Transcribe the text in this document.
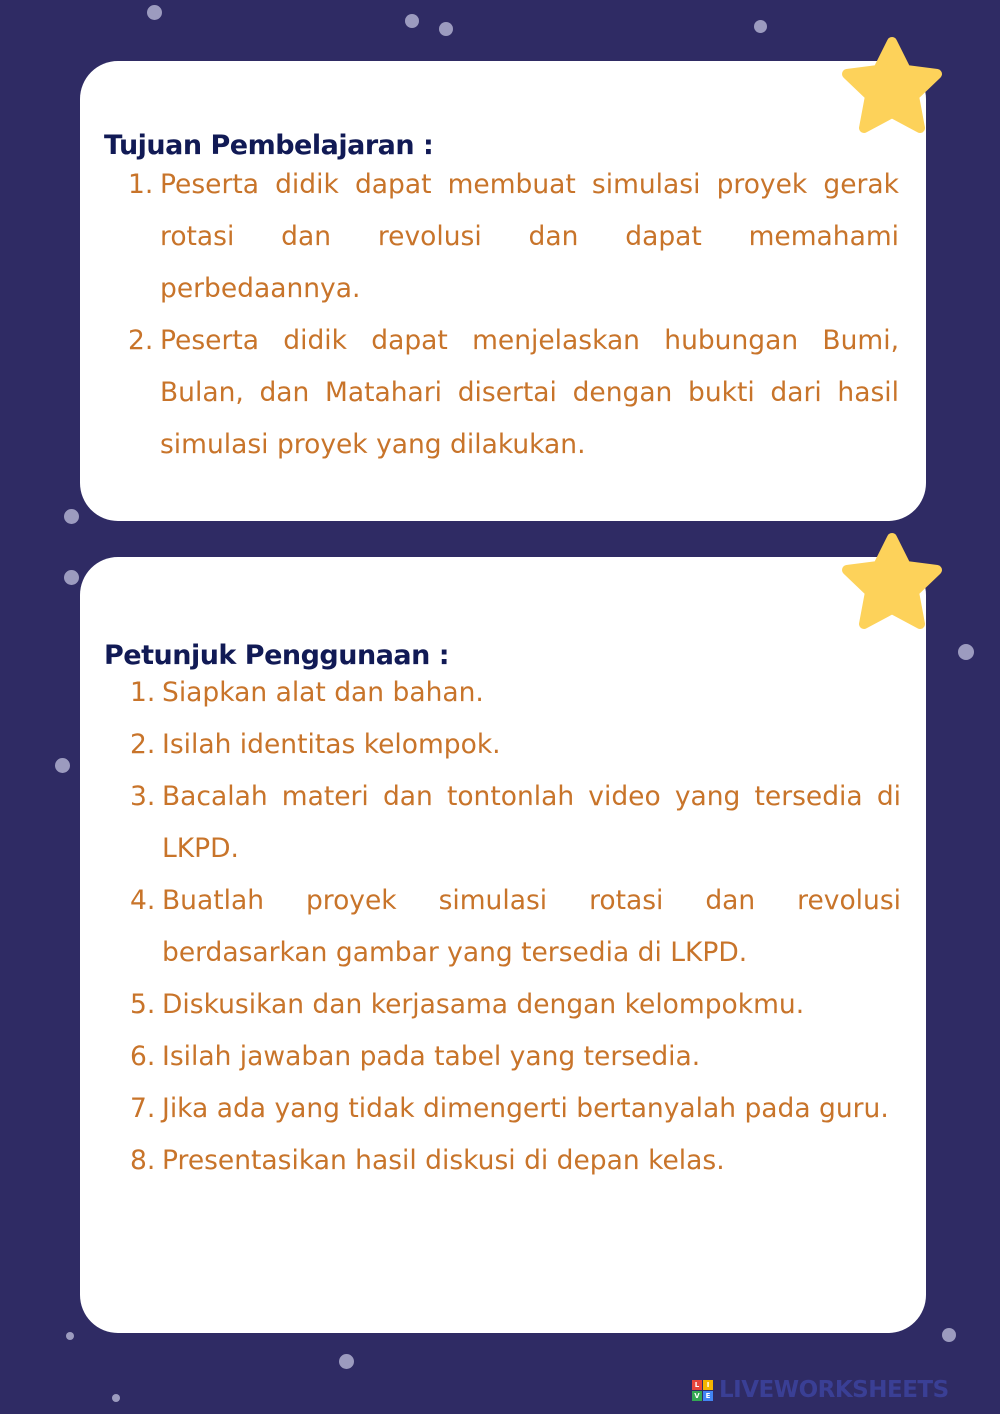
Tujuan Pembelajaran :
1. Peserta didik dapat membuat simulasi proyek gerak rotasi dan revolusi dan dapat memahami perbedaannya.
2. Peserta didik dapat menjelaskan hubungan Bumi, Bulan, dan Matahari disertai dengan bukti dari hasil simulasi proyek yang dilakukan.
Petunjuk Penggunaan :
1. Siapkan alat dan bahan.
2. Isilah identitas kelompok.
3. Bacalah materi dan tontonlah video yang tersedia di LKPD.
4. Buatlah proyek simulasi rotasi dan revolusi berdasarkan gambar yang tersedia di LKPD.
5. Diskusikan dan kerjasama dengan kelompokmu.
6. Isilah jawaban pada tabel yang tersedia.
7. Jika ada yang tidak dimengerti bertanyalah pada guru.
8. Presentasikan hasil diskusi di depan kelas.
L	I
V E LIVEWORKSHEETS
